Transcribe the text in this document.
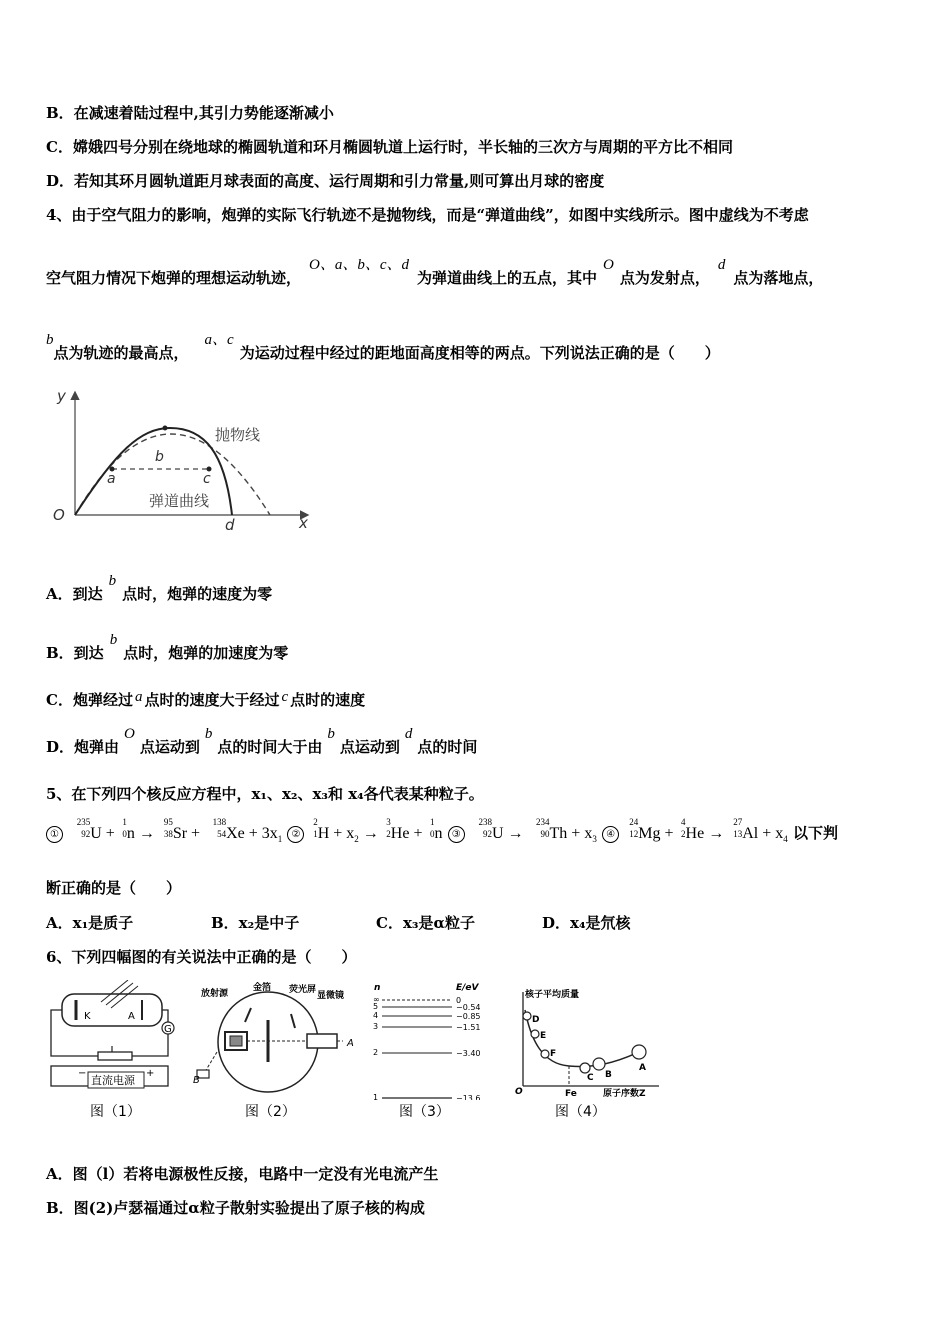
B．在减速着陆过程中,其引力势能逐渐减小
C．嫦娥四号分别在绕地球的椭圆轨道和环月椭圆轨道上运行时，半长轴的三次方与周期的平方比不相同
D．若知其环月圆轨道距月球表面的高度、运行周期和引力常量,则可算出月球的密度
4、由于空气阻力的影响，炮弹的实际飞行轨迹不是抛物线，而是“弹道曲线”，如图中实线所示。图中虚线为不考虑
空气阻力情况下炮弹的理想运动轨迹，O、a、b、c、d为弹道曲线上的五点，其中O点为发射点，d点为落地点，
b点为轨迹的最高点，a、c为运动过程中经过的距地面高度相等的两点。下列说法正确的是（　　）
y
x
O
a
b
c
d
抛物线
弹道曲线
A．到达b点时，炮弹的速度为零
B．到达b点时，炮弹的加速度为零
C．炮弹经过 a 点时的速度大于经过 c 点时的速度
D．炮弹由O点运动到b点的时间大于由b点运动到d点的时间
5、在下列四个核反应方程中，x₁、x₂、x₃和 x₄各代表某种粒子。
①
235
92 U +
1
0 n →
95
38 Sr +
138
54 $Xe + 3x_1$ ②
2
1 $H + x_2$ →
3
2 He +
1
0 n ③
238
92 U →
234
90 $Th + x_3$ ④
24
12 Mg +
4
2 He →
27
13 $Al + x_4$ 以下判
断正确的是（　　）
A．x₁是质子	B．x₂是中子	C．x₃是α粒子	D．x₄是氘核
6、下列四幅图的有关说法中正确的是（　　）
K	A
G
直流电源
−	+
图（1）
放射源
金箔 荧光屏
显微镜
A
B
图（2）
n	E/eV
∞	0
5	−0.54
4	−0.85
3	−1.51
2	−3.40
1	−13.6
图（3）
核子平均质量
O	原子序数Z
Fe
D
E
F
C B
A
图（4）
A．图（l）若将电源极性反接，电路中一定没有光电流产生
B．图(2)卢瑟福通过α粒子散射实验提出了原子核的构成
